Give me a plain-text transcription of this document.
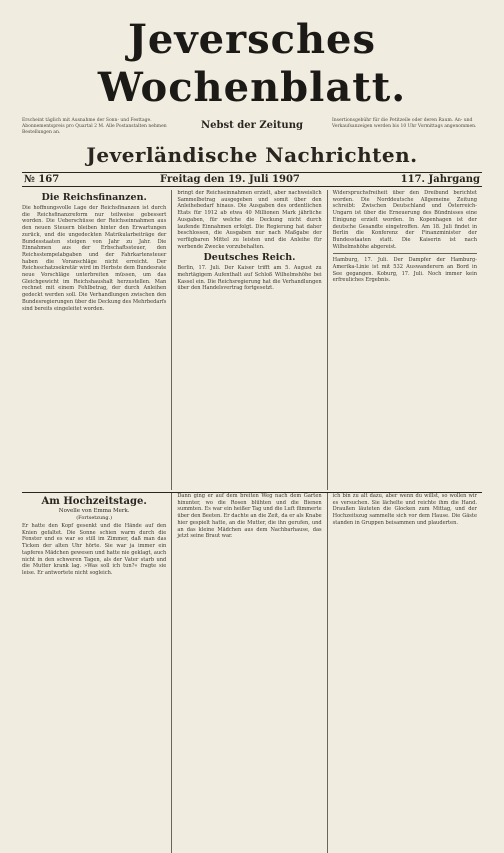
Jeversches Wochenblatt.
Erscheint täglich mit Ausnahme der Sonn- und Festtage. Abonnementspreis pro Quartal 2 M. Alle Postanstalten nehmen Bestellungen an.
Nebst der Zeitung	Insertionsgebühr für die Petitzeile oder deren Raum. An- und Verkaufsanzeigen werden bis 10 Uhr Vormittags angenommen.
Jeverländische Nachrichten.
№ 167	Freitag den 19. Juli 1907	117. Jahrgang
Die Reichsfinanzen.
Die hoffnungsvolle Lage der Reichsfinanzen ist durch die Reichsfinanzreform nur teilweise gebessert worden. Die Ueberschüsse der Reichseinnahmen aus den neuen Steuern bleiben hinter den Erwartungen zurück, und die ungedeckten Matrikularbeiträge der Bundesstaaten steigen von Jahr zu Jahr. Die Einnahmen aus der Erbschaftssteuer, den Reichsstempelabgaben und der Fahrkartensteuer haben die Voranschläge nicht erreicht. Der Reichsschatzsekretär wird im Herbste dem Bundesrate neue Vorschläge unterbreiten müssen, um das Gleichgewicht im Reichshaushalt herzustellen. Man rechnet mit einem Fehlbetrag, der durch Anleihen gedeckt werden soll. Die Verhandlungen zwischen den Bundesregierungen über die Deckung des Mehrbedarfs sind bereits eingeleitet worden.
bringt der Reichseinnahmen erzielt, aber nachweislich Sammelbetrag ausgegeben und somit über den Anleihebedarf hinaus. Die Ausgaben des ordentlichen Etats für 1912 ab etwa 40 Millionen Mark jährliche Ausgaben, für welche die Deckung nicht durch laufende Einnahmen erfolgt. Die Regierung hat daher beschlossen, die Ausgaben nur nach Maßgabe der verfügbaren Mittel zu leisten und die Anleihe für werbende Zwecke vorzubehalten.
Deutsches Reich.
Berlin, 17. Juli. Der Kaiser trifft am 5. August zu mehrtägigem Aufenthalt auf Schloß Wilhelmshöhe bei Kassel ein. Die Reichsregierung hat die Verhandlungen über den Handelsvertrag fortgesetzt.
Widerspruchsfreiheit über den Dreibund berichtet worden. Die Norddeutsche Allgemeine Zeitung schreibt: Zwischen Deutschland und Österreich-Ungarn ist über die Erneuerung des Bündnisses eine Einigung erzielt worden. In Kopenhagen ist der deutsche Gesandte eingetroffen. Am 18. Juli findet in Berlin die Konferenz der Finanzminister der Bundesstaaten statt. Die Kaiserin ist nach Wilhelmshöhe abgereist.
Hamburg, 17. Juli. Der Dampfer der Hamburg-Amerika-Linie ist mit 532 Auswanderern an Bord in See gegangen. Koburg, 17. Juli. Noch immer kein erfreuliches Ergebnis.
Am Hochzeitstage.
Novelle von Emma Merk.
(Fortsetzung.)
Er hatte den Kopf gesenkt und die Hände auf den Knien gefaltet. Die Sonne schien warm durch die Fenster und es war so still im Zimmer, daß man das Ticken der alten Uhr hörte. Sie war ja immer ein tapferes Mädchen gewesen und hatte nie geklagt, auch nicht in den schweren Tagen, als der Vater starb und die Mutter krank lag. »Was soll ich tun?« fragte sie leise. Er antwortete nicht sogleich.
Dann ging er auf dem breiten Weg nach dem Garten hinunter, wo die Rosen blühten und die Bienen summten. Es war ein heißer Tag und die Luft flimmerte über den Beeten. Er dachte an die Zeit, da er als Knabe hier gespielt hatte, an die Mutter, die ihn gerufen, und an das kleine Mädchen aus dem Nachbarhause, das jetzt seine Braut war.
ich bin zu alt dazu, aber wenn du willst, so wollen wir es versuchen. Sie lächelte und reichte ihm die Hand. Draußen läuteten die Glocken zum Mittag, und der Hochzeitszug sammelte sich vor dem Hause. Die Gäste standen in Gruppen beisammen und plauderten.
